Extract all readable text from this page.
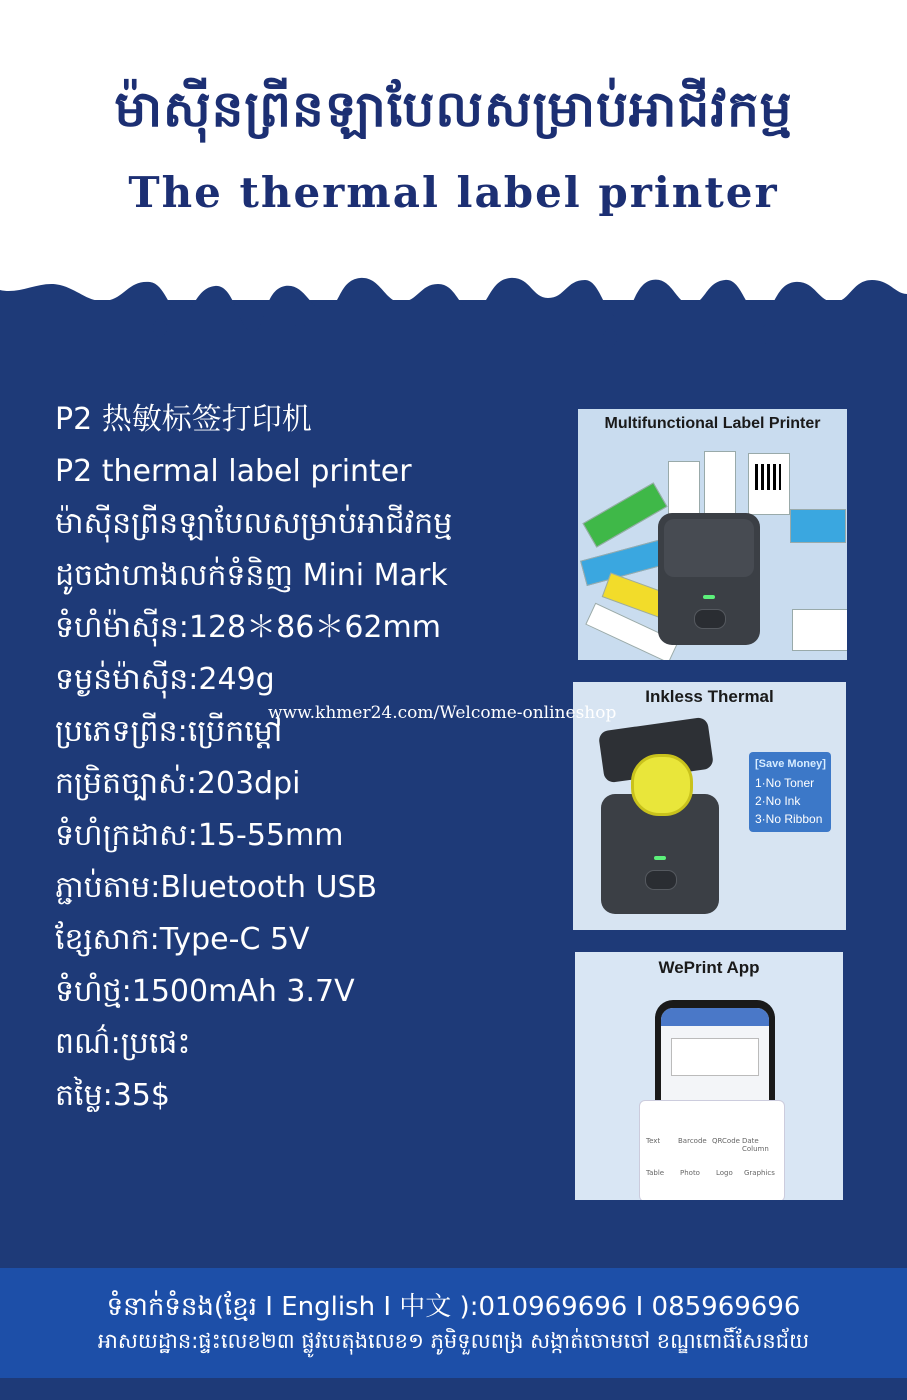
ម៉ាស៊ីនព្រីនឡាបែលសម្រាប់អាជីវកម្ម
The thermal label printer
P2 热敏标签打印机
P2 thermal label printer
ម៉ាស៊ីនព្រីនឡាបែលសម្រាប់អាជីវកម្ម
ដូចជាហាងលក់ទំនិញ Mini Mark
ទំហំម៉ាស៊ីន:128＊86＊62mm
ទម្ងន់ម៉ាស៊ីន:249g
ប្រភេទព្រីន:ប្រើកម្ដៅ
កម្រិតច្បាស់:203dpi
ទំហំក្រដាស:15-55mm
ភ្ជាប់តាម:Bluetooth USB
ខ្សែសាក:Type-C 5V
ទំហំថ្ម:1500mAh 3.7V
ពណ៌:ប្រផេះ
តម្លៃ:35$
Multifunctional Label Printer
Inkless Thermal
[Save Money]
1·No Toner
2·No Ink
3·No Ribbon
WePrint App
Text	Barcode QRCode Date Column
Table Photo Logo Graphics
www.khmer24.com/Welcome-onlineshop
ទំនាក់ទំនង(ខ្មែរ I English I 中文 ):010969696 I 085969696
អាសយដ្ឋាន:ផ្ទះលេខ២៣ ផ្លូវបេតុងលេខ១ ភូមិទួលពង្រ សង្កាត់ចោមចៅ ខណ្ឌពោធិ៍សែនជ័យ
